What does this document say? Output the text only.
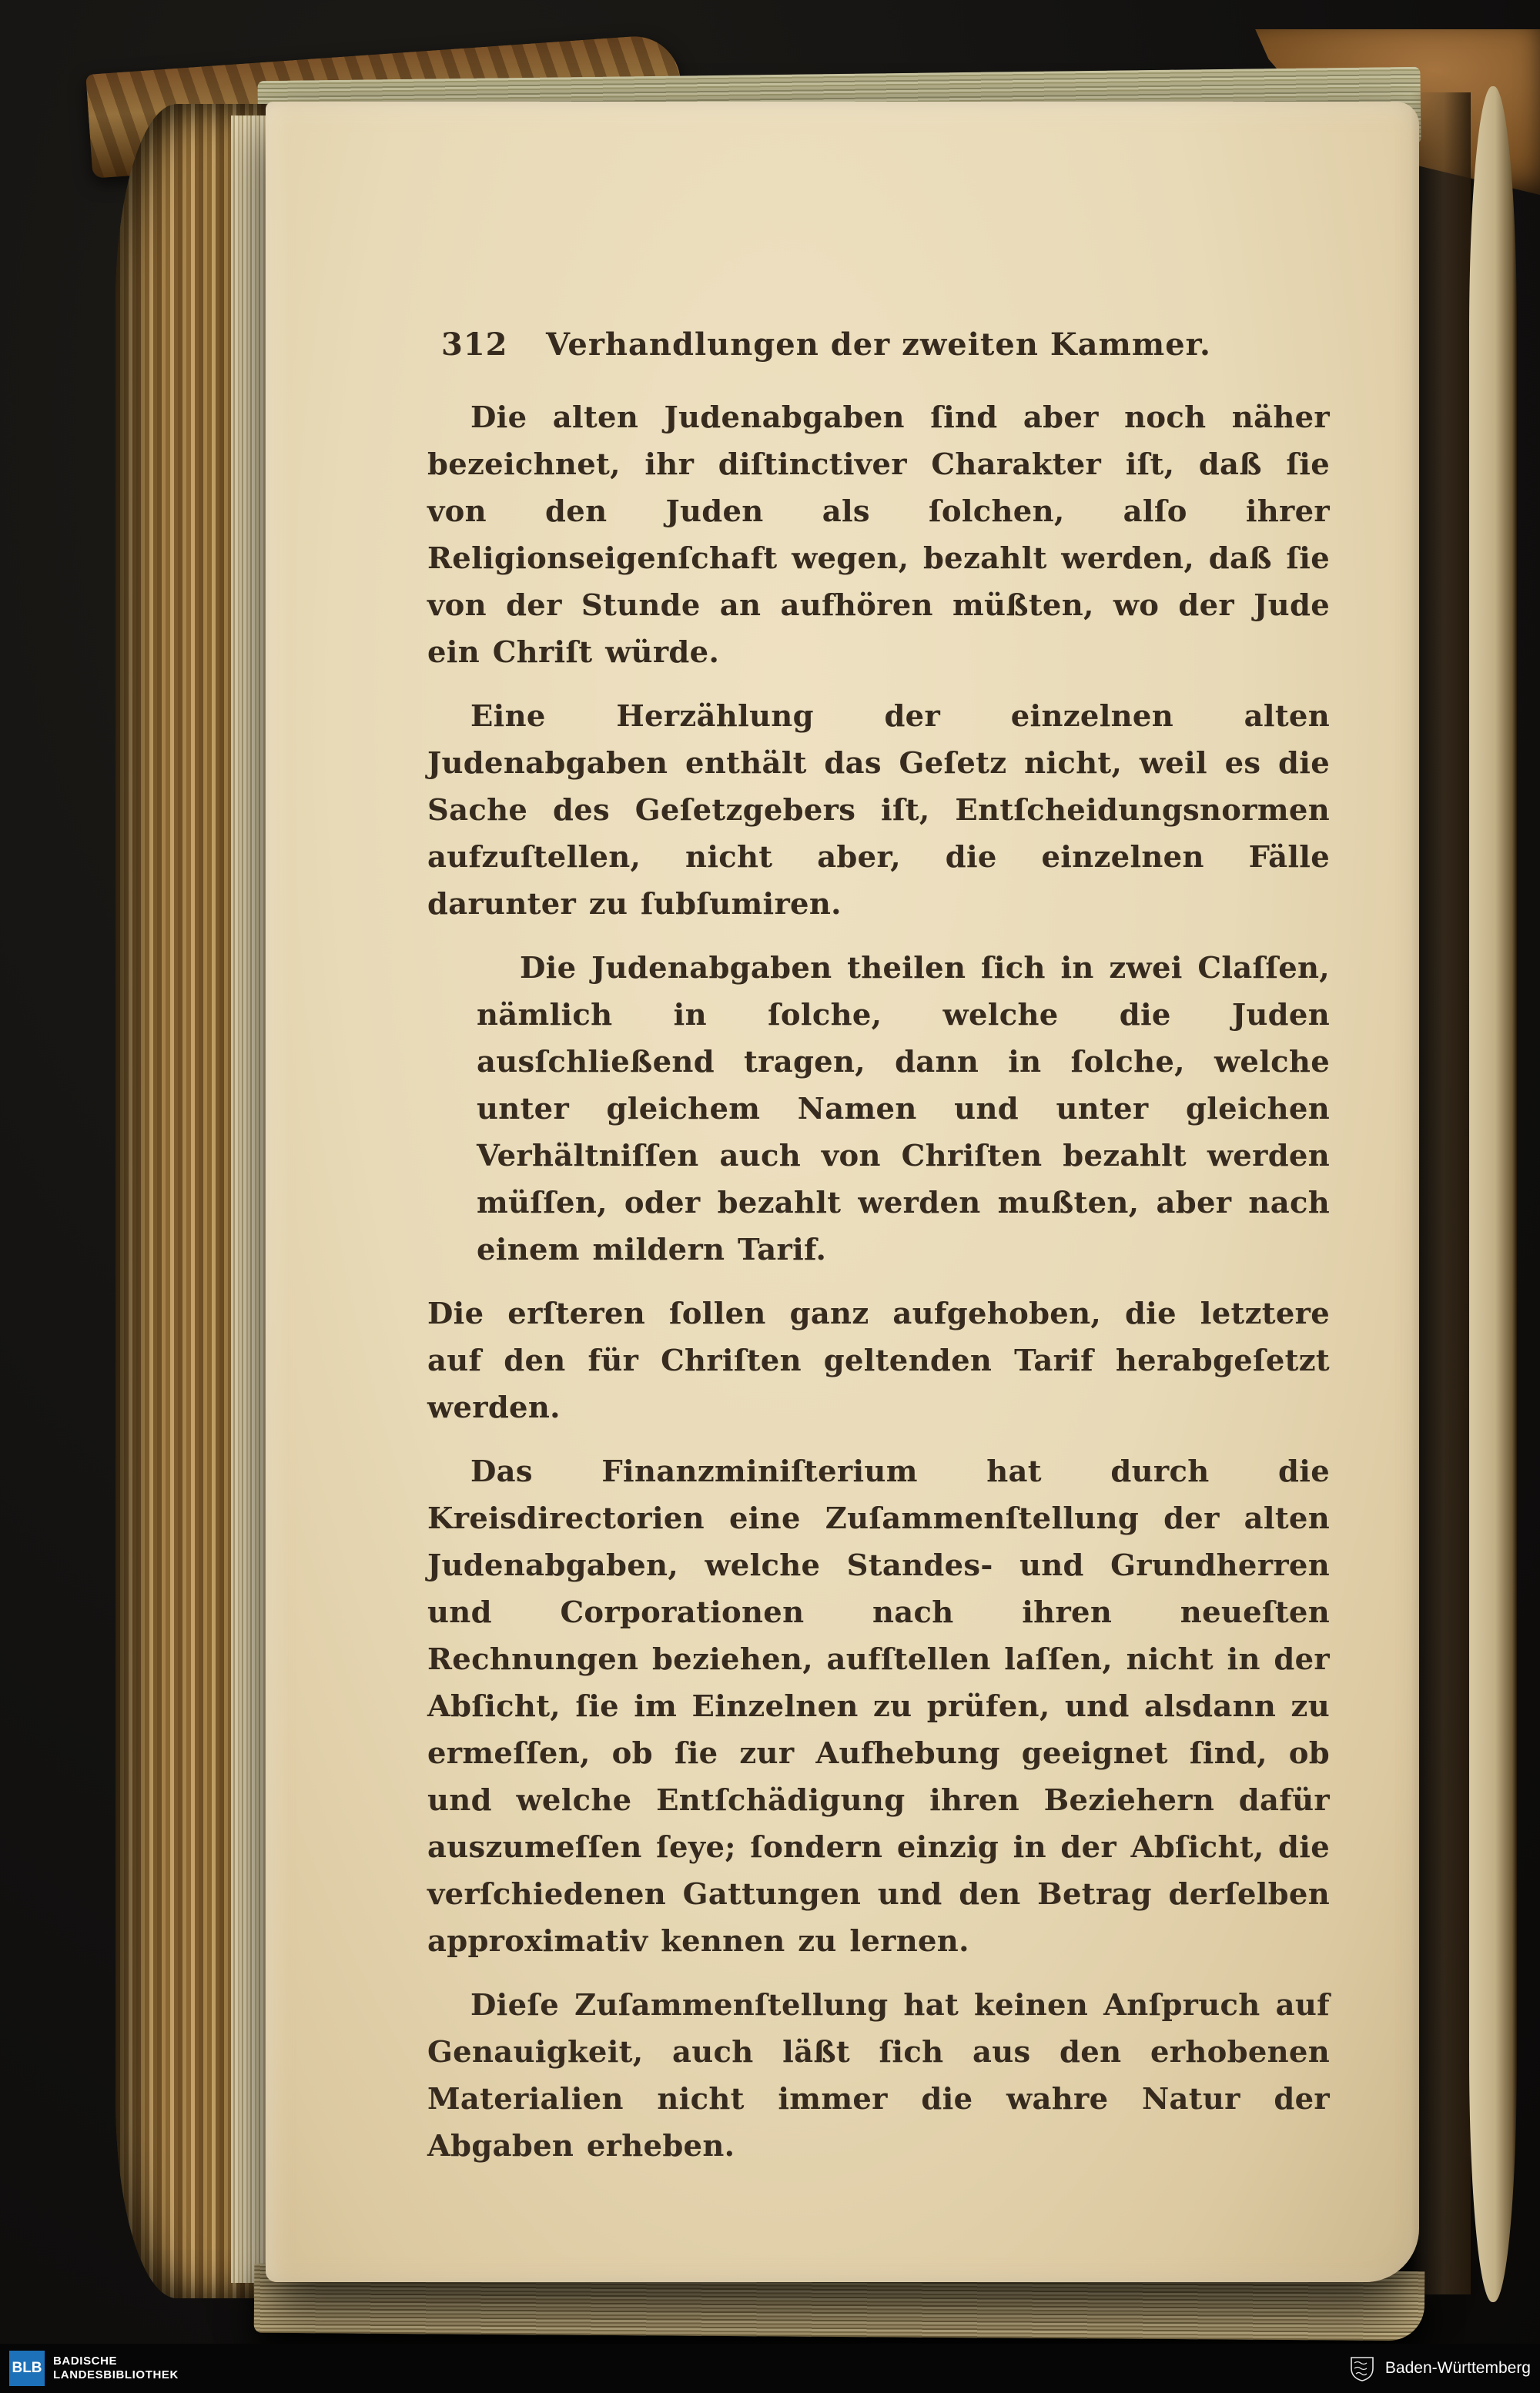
312	Verhandlungen der zweiten Kammer.

Die alten Judenabgaben ſind aber noch näher bezeichnet, ihr diſtinctiver Charakter iſt, daß ſie von den Juden als ſolchen, alſo ihrer Religionseigenſchaft wegen, bezahlt werden, daß ſie von der Stunde an aufhören müßten, wo der Jude ein Chriſt würde.

Eine Herzählung der einzelnen alten Judenabgaben enthält das Geſetz nicht, weil es die Sache des Geſetzgebers iſt, Entſcheidungsnormen aufzuſtellen, nicht aber, die einzelnen Fälle darunter zu ſubſumiren.

Die Judenabgaben theilen ſich in zwei Claſſen, nämlich in ſolche, welche die Juden ausſchließend tragen, dann in ſolche, welche unter gleichem Namen und unter gleichen Verhältniſſen auch von Chriſten bezahlt werden müſſen, oder bezahlt werden mußten, aber nach einem mildern Tarif.

Die erſteren ſollen ganz aufgehoben, die letztere auf den für Chriſten geltenden Tarif herabgeſetzt werden.

Das Finanzminiſterium hat durch die Kreisdirectorien eine Zuſammenſtellung der alten Judenabgaben, welche Standes- und Grundherren und Corporationen nach ihren neueſten Rechnungen beziehen, aufſtellen laſſen, nicht in der Abſicht, ſie im Einzelnen zu prüfen, und alsdann zu ermeſſen, ob ſie zur Aufhebung geeignet ſind, ob und welche Entſchädigung ihren Beziehern dafür auszumeſſen ſeye; ſondern einzig in der Abſicht, die verſchiedenen Gattungen und den Betrag derſelben approximativ kennen zu lernen.

Dieſe Zuſammenſtellung hat keinen Anſpruch auf Genauigkeit, auch läßt ſich aus den erhobenen Materialien nicht immer die wahre Natur der Abgaben erheben.

BLB BADISCHE
LANDESBIBLIOTHEK	Baden-Württemberg
